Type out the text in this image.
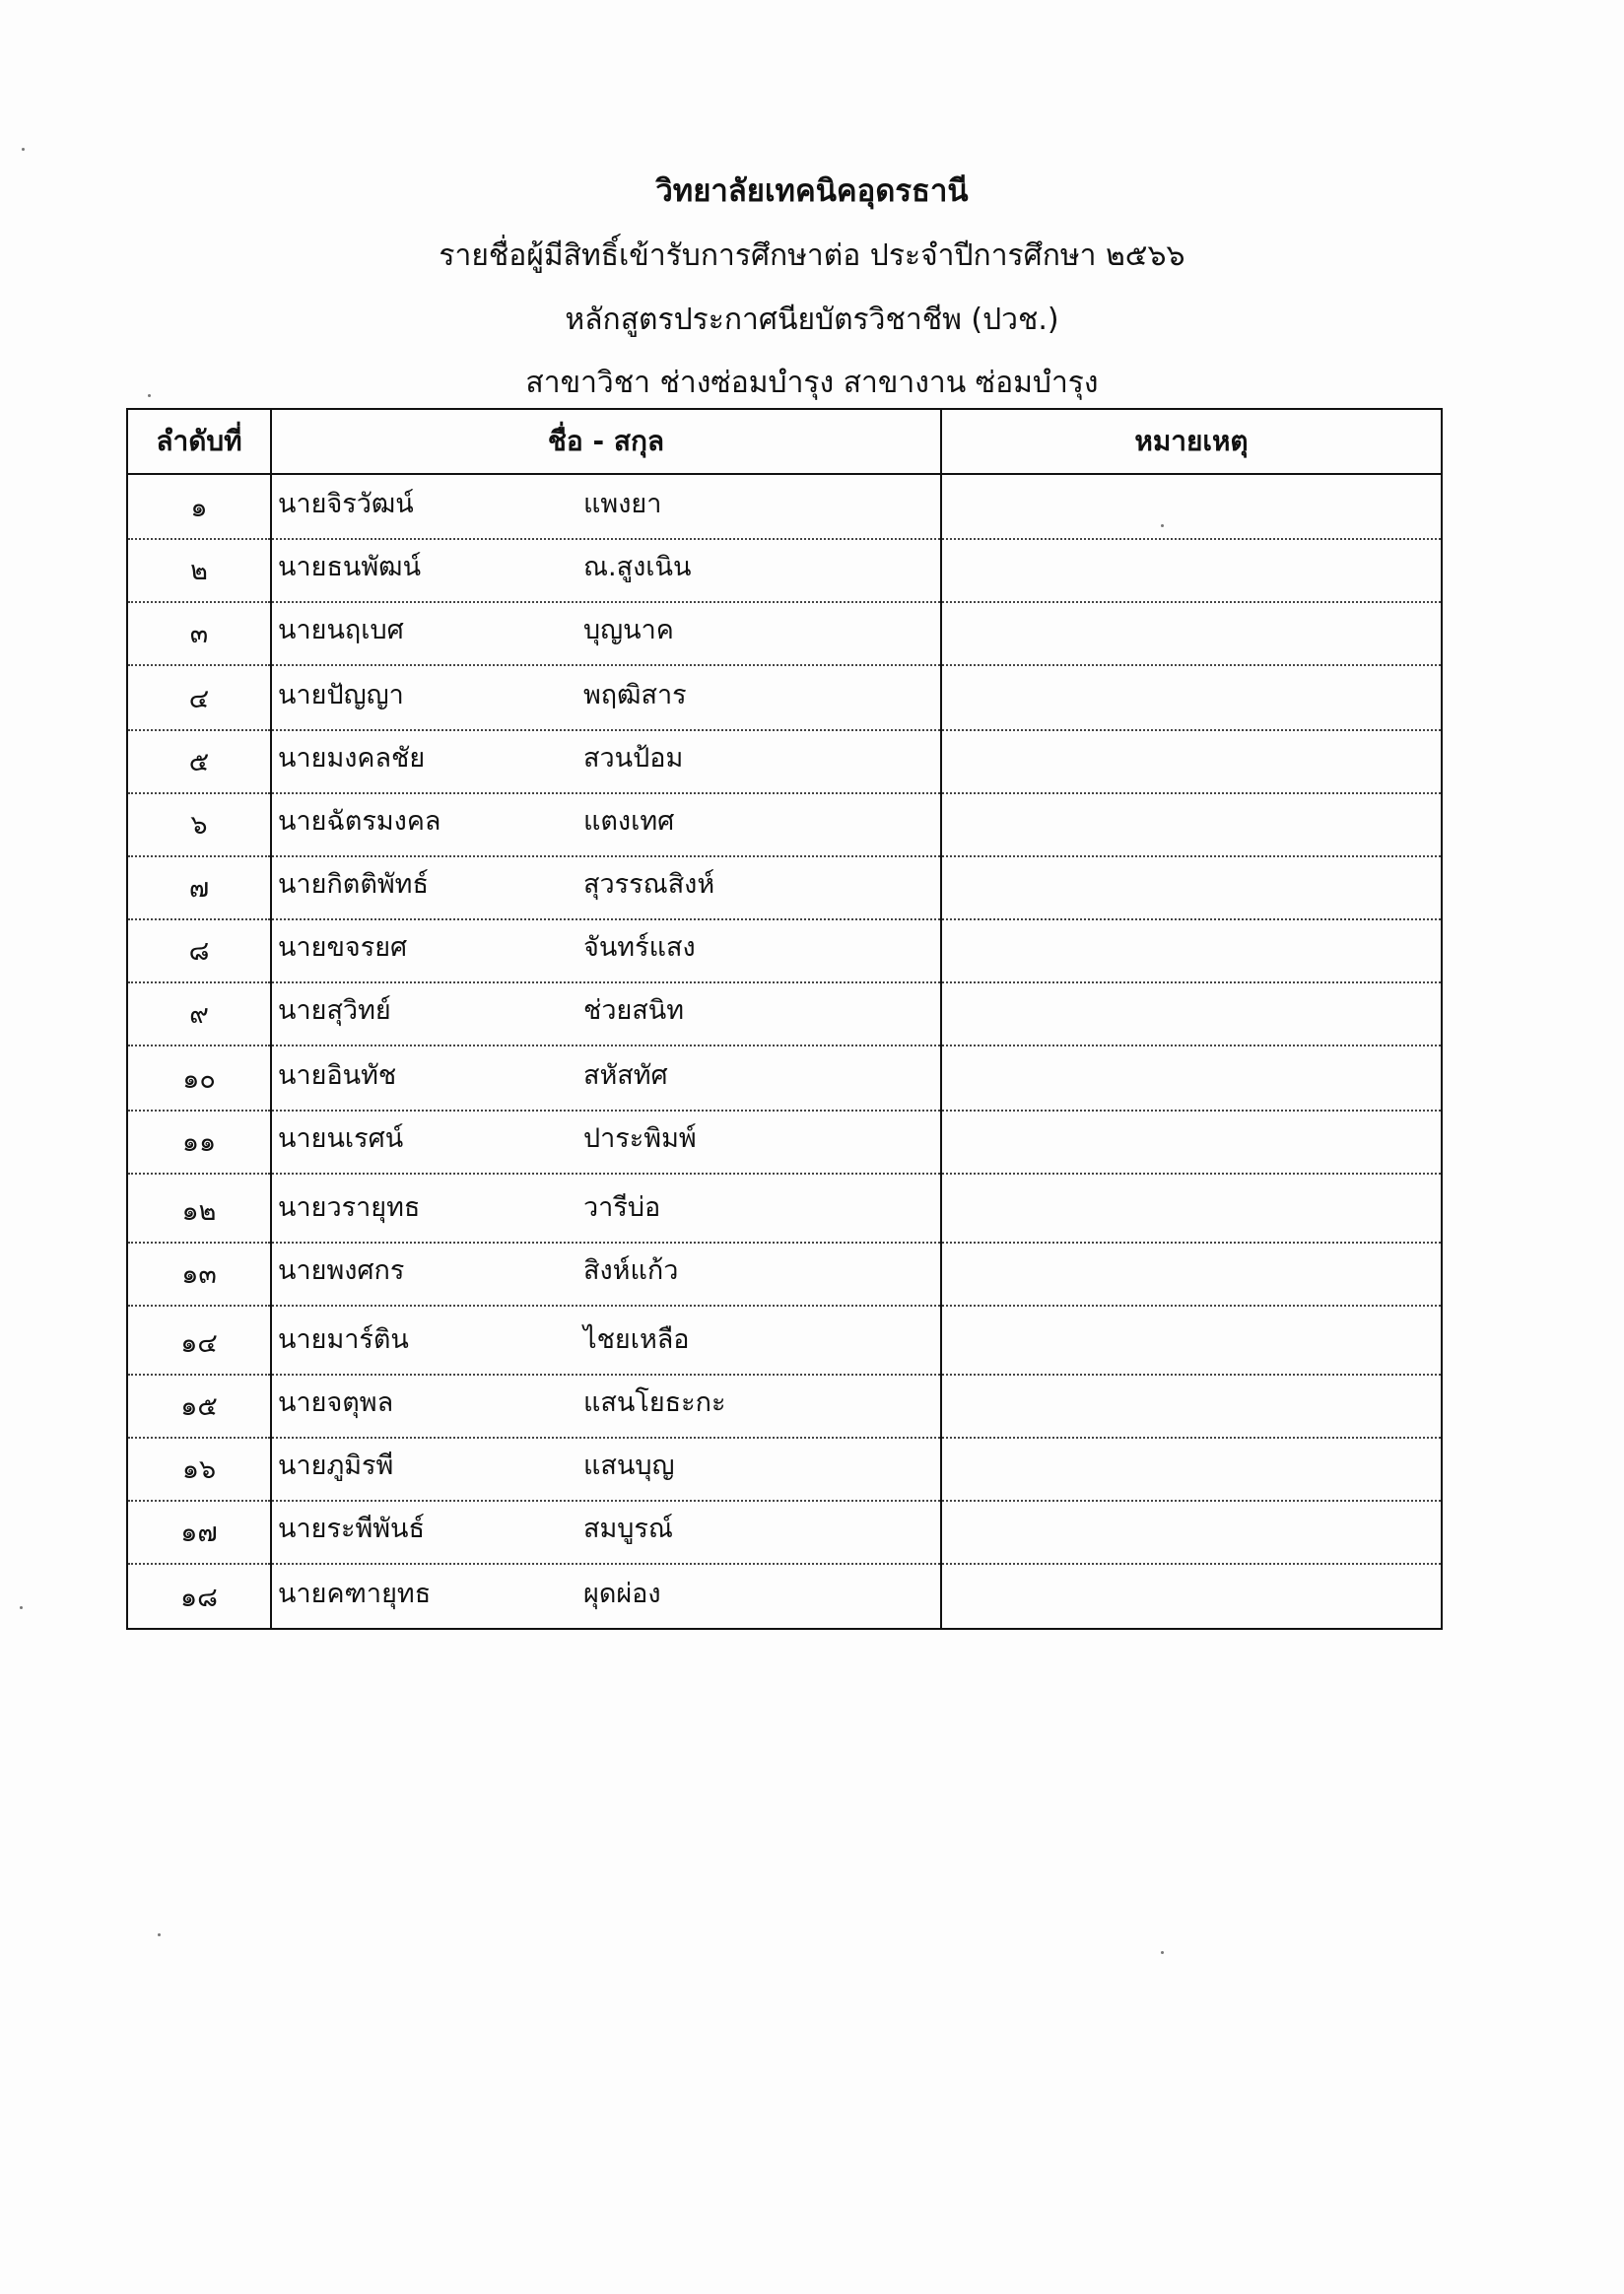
วิทยาลัยเทคนิคอุดรธานี
รายชื่อผู้มีสิทธิ์เข้ารับการศึกษาต่อ ประจำปีการศึกษา ๒๕๖๖
หลักสูตรประกาศนียบัตรวิชาชีพ (ปวช.)
สาขาวิชา ช่างซ่อมบำรุง สาขางาน ซ่อมบำรุง
ลำดับที่	ชื่อ - สกุล	หมายเหตุ
๑	นายจิรวัฒน์ แพงยา	
๒	นายธนพัฒน์ ณ.สูงเนิน	
๓	นายนฤเบศ บุญนาค	
๔	นายปัญญา พฤฒิสาร	
๕	นายมงคลชัย สวนป้อม	
๖	นายฉัตรมงคล แตงเทศ	
๗	นายกิตติพัทธ์ สุวรรณสิงห์	
๘	นายขจรยศ จันทร์แสง	
๙	นายสุวิทย์ ช่วยสนิท	
๑๐	นายอินทัช สหัสทัศ	
๑๑	นายนเรศน์ ปาระพิมพ์	
๑๒	นายวรายุทธ วารีบ่อ	
๑๓	นายพงศกร สิงห์แก้ว	
๑๔	นายมาร์ติน ไชยเหลือ	
๑๕	นายจตุพล แสนโยธะกะ	
๑๖	นายภูมิรพี แสนบุญ	
๑๗	นายระพีพันธ์ สมบูรณ์	
๑๘	นายคฑายุทธ ผุดผ่อง	
